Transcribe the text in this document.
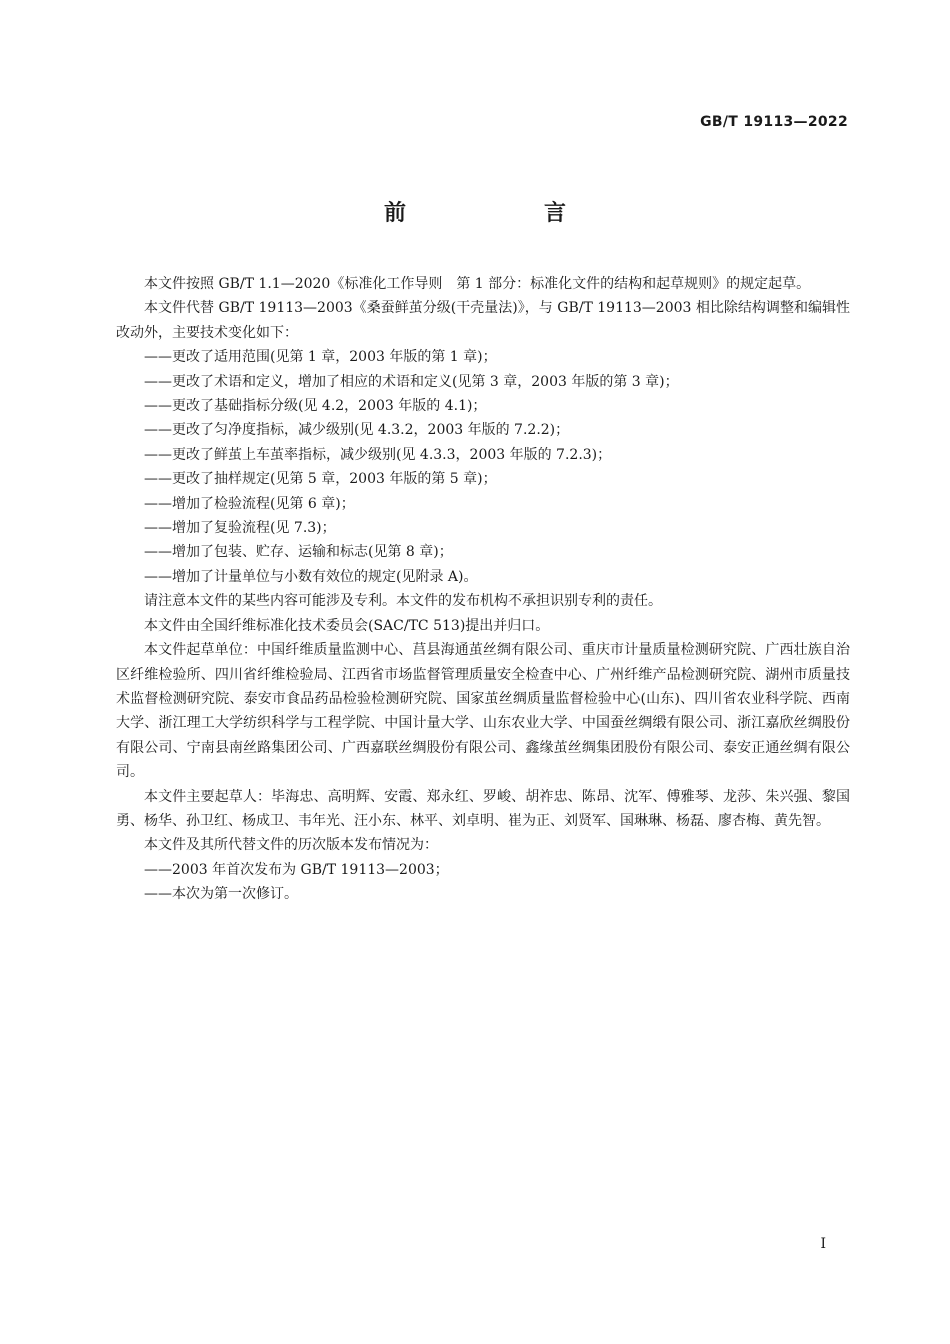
GB/T 19113—2022
前　言

本文件按照 GB/T 1.1—2020《标准化工作导则　第 1 部分：标准化文件的结构和起草规则》的规定起草。

本文件代替 GB/T 19113—2003《桑蚕鲜茧分级(干壳量法)》，与 GB/T 19113—2003 相比除结构调整和编辑性改动外，主要技术变化如下：

——更改了适用范围(见第 1 章，2003 年版的第 1 章)；

——更改了术语和定义，增加了相应的术语和定义(见第 3 章，2003 年版的第 3 章)；

——更改了基础指标分级(见 4.2，2003 年版的 4.1)；

——更改了匀净度指标，减少级别(见 4.3.2，2003 年版的 7.2.2)；

——更改了鲜茧上车茧率指标，减少级别(见 4.3.3，2003 年版的 7.2.3)；

——更改了抽样规定(见第 5 章，2003 年版的第 5 章)；

——增加了检验流程(见第 6 章)；

——增加了复验流程(见 7.3)；

——增加了包装、贮存、运输和标志(见第 8 章)；

——增加了计量单位与小数有效位的规定(见附录 A)。

请注意本文件的某些内容可能涉及专利。本文件的发布机构不承担识别专利的责任。

本文件由全国纤维标准化技术委员会(SAC/TC 513)提出并归口。

本文件起草单位：中国纤维质量监测中心、莒县海通茧丝绸有限公司、重庆市计量质量检测研究院、广西壮族自治区纤维检验所、四川省纤维检验局、江西省市场监督管理质量安全检查中心、广州纤维产品检测研究院、湖州市质量技术监督检测研究院、泰安市食品药品检验检测研究院、国家茧丝绸质量监督检验中心(山东)、四川省农业科学院、西南大学、浙江理工大学纺织科学与工程学院、中国计量大学、山东农业大学、中国蚕丝绸缎有限公司、浙江嘉欣丝绸股份有限公司、宁南县南丝路集团公司、广西嘉联丝绸股份有限公司、鑫缘茧丝绸集团股份有限公司、泰安正通丝绸有限公司。

本文件主要起草人：毕海忠、高明辉、安霞、郑永红、罗峻、胡祚忠、陈昂、沈军、傅雅琴、龙莎、朱兴强、黎国勇、杨华、孙卫红、杨成卫、韦年光、汪小东、林平、刘卓明、崔为正、刘贤军、国琳琳、杨磊、廖杏梅、黄先智。

本文件及其所代替文件的历次版本发布情况为：

——2003 年首次发布为 GB/T 19113—2003；

——本次为第一次修订。

I
